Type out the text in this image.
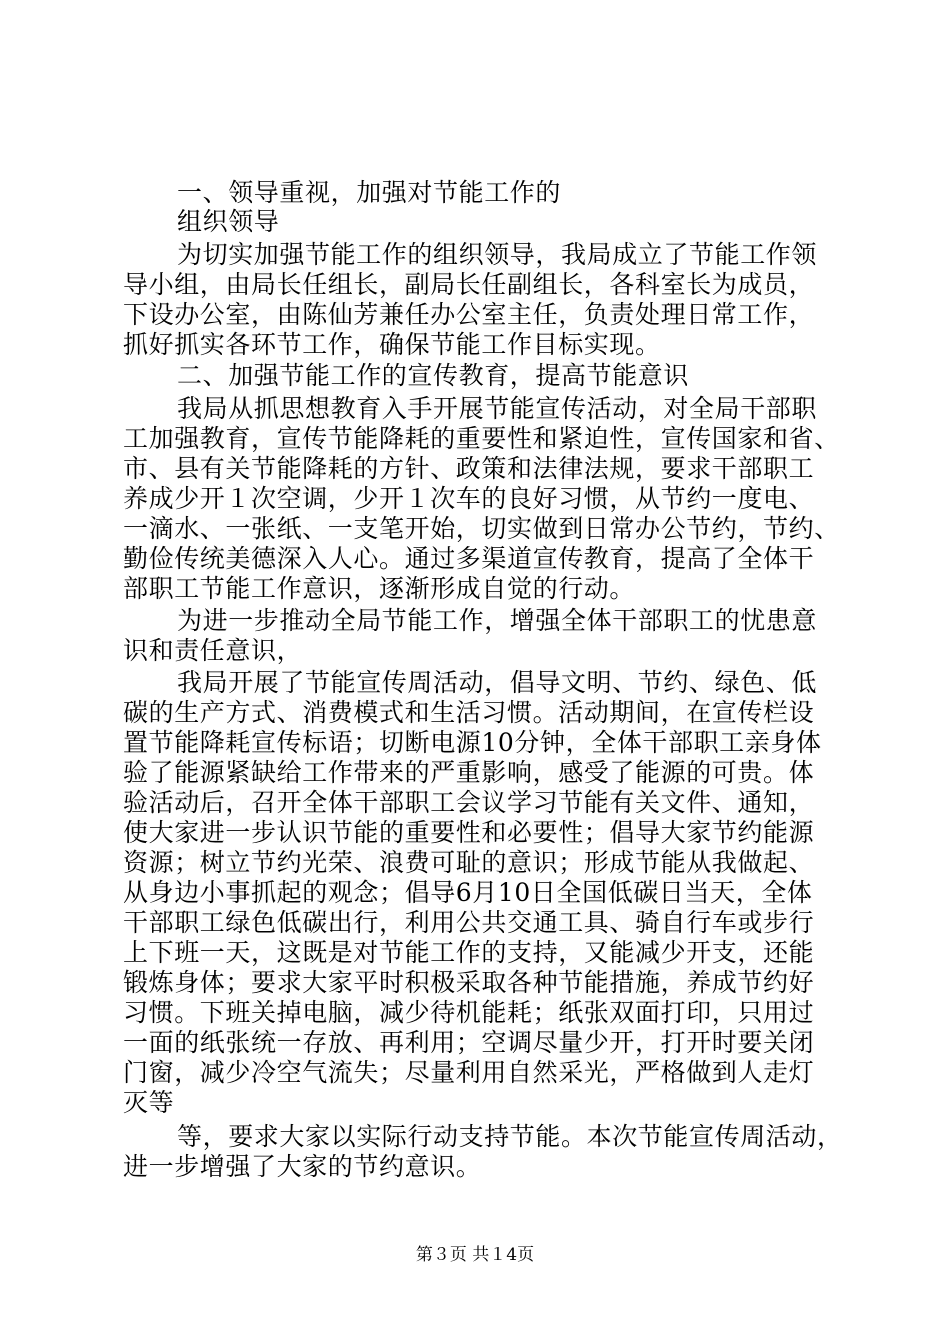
一、领导重视，加强对节能工作的
组织领导
为切实加强节能工作的组织领导，我局成立了节能工作领
导小组，由局长任组长，副局长任副组长，各科室长为成员，
下设办公室，由陈仙芳兼任办公室主任，负责处理日常工作，
抓好抓实各环节工作，确保节能工作目标实现。
二、加强节能工作的宣传教育，提高节能意识
我局从抓思想教育入手开展节能宣传活动，对全局干部职
工加强教育，宣传节能降耗的重要性和紧迫性，宣传国家和省、
市、县有关节能降耗的方针、政策和法律法规，要求干部职工
养成少开１次空调，少开１次车的良好习惯，从节约一度电、
一滴水、一张纸、一支笔开始，切实做到日常办公节约，节约、
勤俭传统美德深入人心。通过多渠道宣传教育，提高了全体干
部职工节能工作意识，逐渐形成自觉的行动。
为进一步推动全局节能工作，增强全体干部职工的忧患意
识和责任意识，
我局开展了节能宣传周活动，倡导文明、节约、绿色、低
碳的生产方式、消费模式和生活习惯。活动期间，在宣传栏设
置节能降耗宣传标语；切断电源10分钟，全体干部职工亲身体
验了能源紧缺给工作带来的严重影响，感受了能源的可贵。体
验活动后，召开全体干部职工会议学习节能有关文件、通知，
使大家进一步认识节能的重要性和必要性；倡导大家节约能源
资源；树立节约光荣、浪费可耻的意识；形成节能从我做起、
从身边小事抓起的观念；倡导6月10日全国低碳日当天，全体
干部职工绿色低碳出行，利用公共交通工具、骑自行车或步行
上下班一天，这既是对节能工作的支持，又能减少开支，还能
锻炼身体；要求大家平时积极采取各种节能措施，养成节约好
习惯。下班关掉电脑，减少待机能耗；纸张双面打印，只用过
一面的纸张统一存放、再利用；空调尽量少开，打开时要关闭
门窗，减少冷空气流失；尽量利用自然采光，严格做到人走灯
灭等
等，要求大家以实际行动支持节能。本次节能宣传周活动，
进一步增强了大家的节约意识。
第３页 共１4页
